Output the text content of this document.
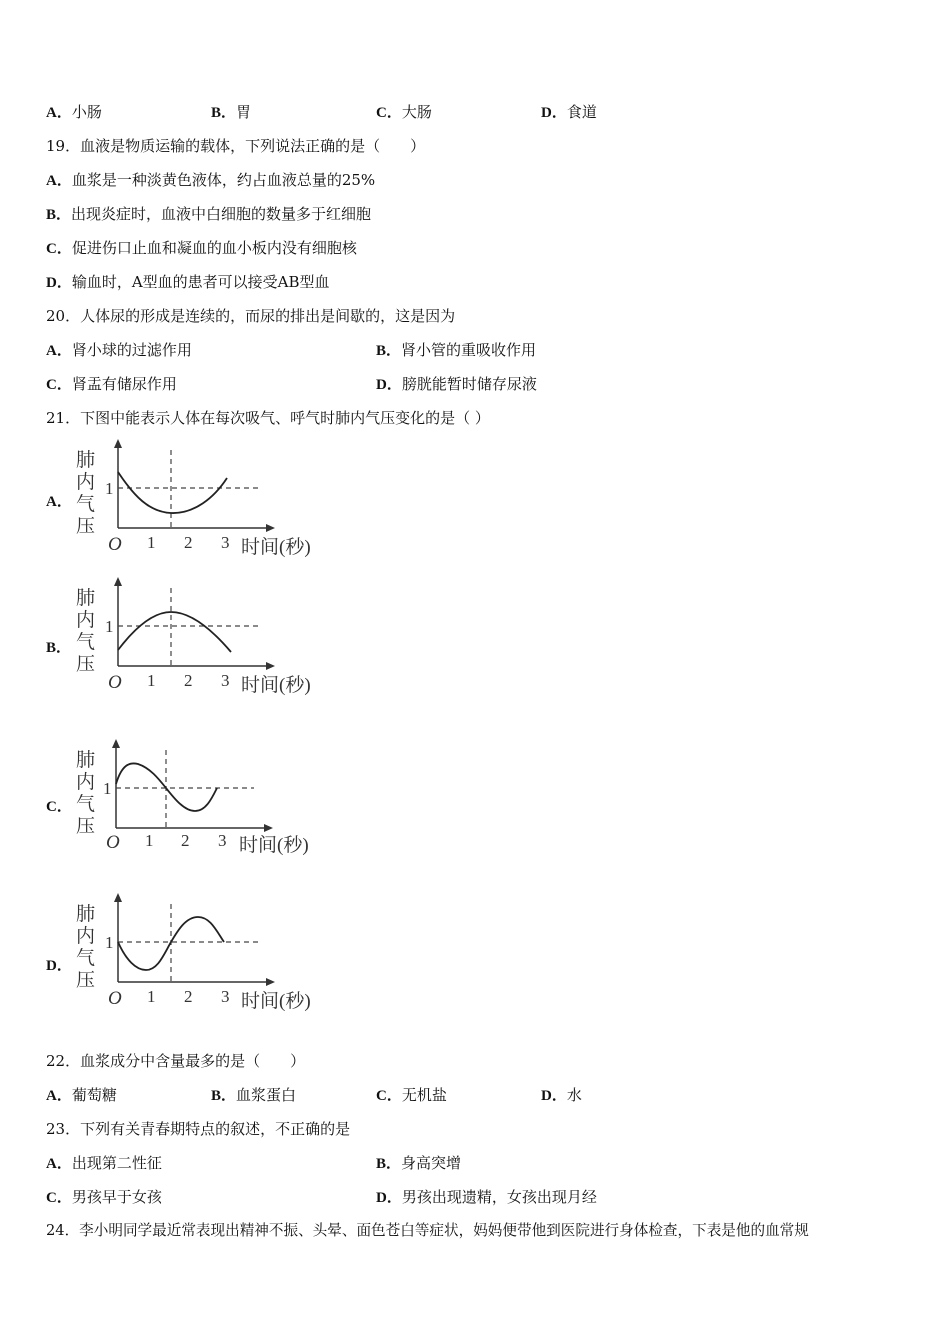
A．小肠	B．胃	C．大肠	D．食道
19．血液是物质运输的载体，下列说法正确的是（　　）
A．血浆是一种淡黄色液体，约占血液总量的25%
B．出现炎症时，血液中白细胞的数量多于红细胞
C．促进伤口止血和凝血的血小板内没有细胞核
D．输血时，A型血的患者可以接受AB型血
20．人体尿的形成是连续的，而尿的排出是间歇的，这是因为
A．肾小球的过滤作用	B．肾小管的重吸收作用
C．肾盂有储尿作用	D．膀胱能暂时储存尿液
21．下图中能表示人体在每次吸气、呼气时肺内气压变化的是（ ）
A．
肺
内
气
压
1
O 1 2 3 时间(秒)
B．
肺
内
气
压
1
O 1 2 3 时间(秒)
C．
肺
内
气
压
1
O 1 2 3 时间(秒)
D．
肺
内
气
压
1
O 1 2 3 时间(秒)
22．血浆成分中含量最多的是（　　）
A．葡萄糖	B．血浆蛋白	C．无机盐	D．水
23．下列有关青春期特点的叙述，不正确的是
A．出现第二性征	B．身高突增
C．男孩早于女孩	D．男孩出现遗精，女孩出现月经
24．李小明同学最近常表现出精神不振、头晕、面色苍白等症状，妈妈便带他到医院进行身体检查，下表是他的血常规
